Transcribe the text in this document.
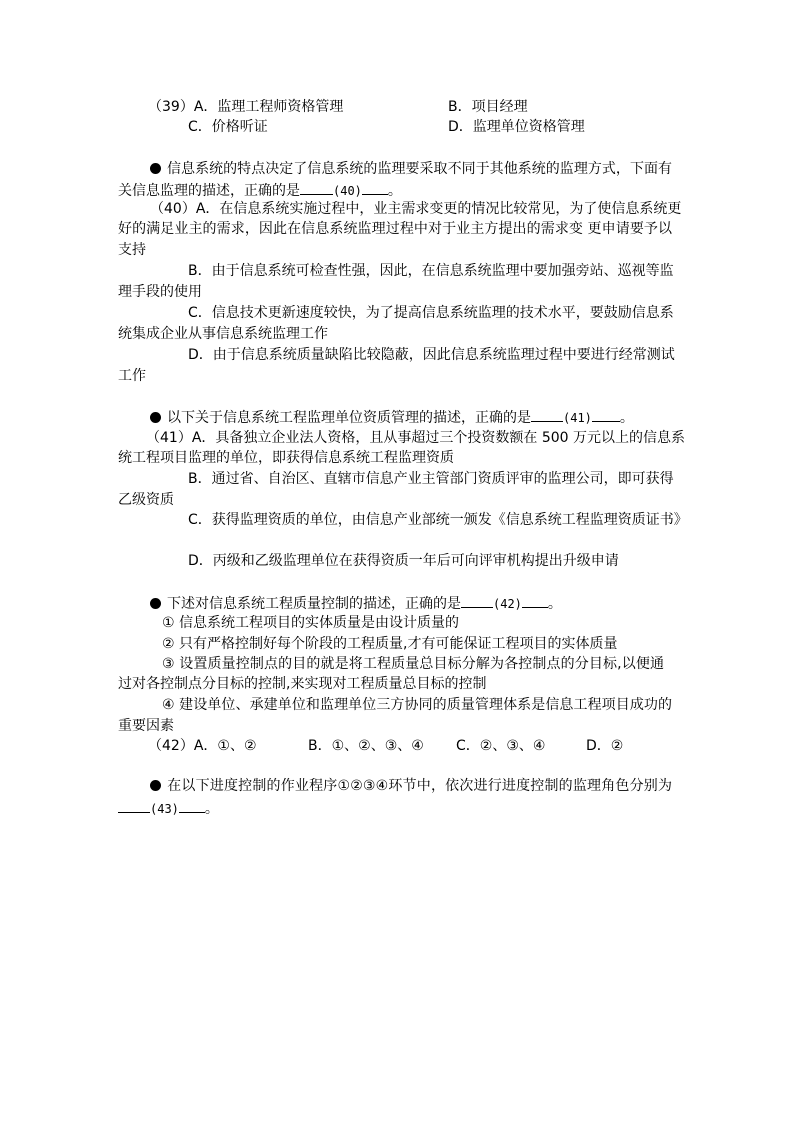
（39）A．监理工程师资格管理	B．项目经理
C．价格听证	D．监理单位资格管理
信息系统的特点决定了信息系统的监理要采取不同于其他系统的监理方式，下面有
关信息监理的描述，正确的是	(40) 。
（40）A．在信息系统实施过程中，业主需求变更的情况比较常见，为了使信息系统更
好的满足业主的需求，因此在信息系统监理过程中对于业主方提出的需求变 更申请要予以
支持
B．由于信息系统可检查性强，因此，在信息系统监理中要加强旁站、巡视等监
理手段的使用
C．信息技术更新速度较快，为了提高信息系统监理的技术水平，要鼓励信息系
统集成企业从事信息系统监理工作
D．由于信息系统质量缺陷比较隐蔽，因此信息系统监理过程中要进行经常测试
工作
以下关于信息系统工程监理单位资质管理的描述，正确的是	(41) 。
（41）A．具备独立企业法人资格，且从事超过三个投资数额在 500 万元以上的信息系
统工程项目监理的单位，即获得信息系统工程监理资质
B．通过省、自治区、直辖市信息产业主管部门资质评审的监理公司，即可获得
乙级资质
C．获得监理资质的单位，由信息产业部统一颁发《信息系统工程监理资质证书》
D．丙级和乙级监理单位在获得资质一年后可向评审机构提出升级申请
下述对信息系统工程质量控制的描述，正确的是	(42) 。
① 信息系统工程项目的实体质量是由设计质量的
② 只有严格控制好每个阶段的工程质量,才有可能保证工程项目的实体质量
③ 设置质量控制点的目的就是将工程质量总目标分解为各控制点的分目标,以便通
过对各控制点分目标的控制,来实现对工程质量总目标的控制
④ 建设单位、承建单位和监理单位三方协同的质量管理体系是信息工程项目成功的
重要因素
（42）A．①、②	B．①、②、③、④ C．②、③、④	D．②
在以下进度控制的作业程序①②③④环节中，依次进行进度控制的监理角色分别为
(43) 。
